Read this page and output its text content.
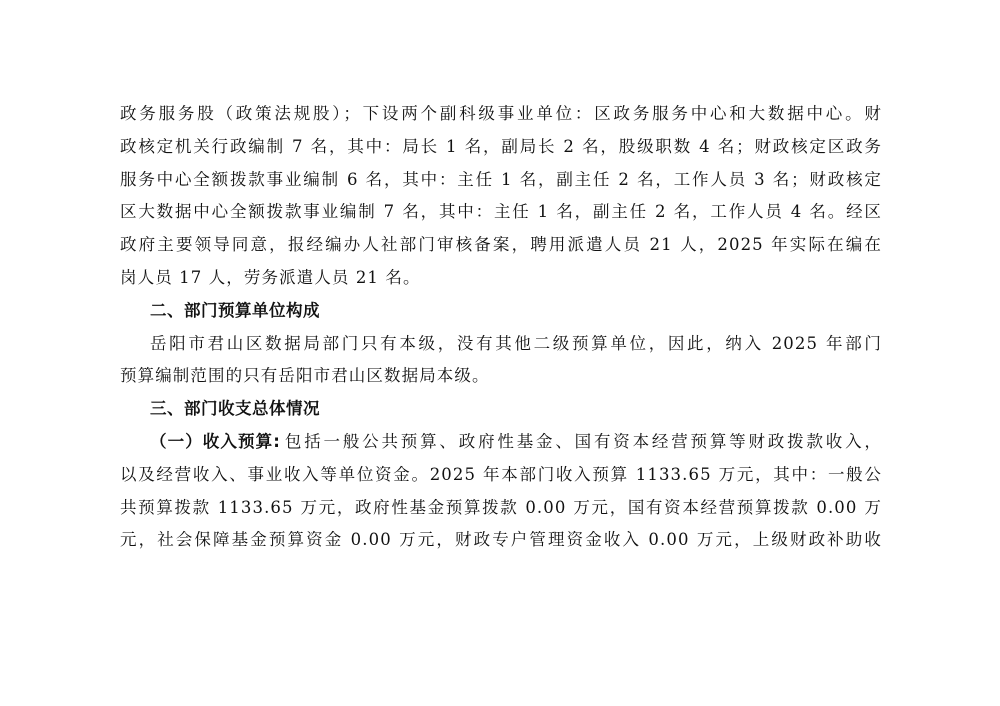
政务服务股（政策法规股）；下设两个副科级事业单位：区政务服务中心和大数据中心。财
政核定机关行政编制 7 名，其中：局长 1 名，副局长 2 名，股级职数 4 名；财政核定区政务
服务中心全额拨款事业编制 6 名，其中：主任 1 名，副主任 2 名，工作人员 3 名；财政核定
区大数据中心全额拨款事业编制 7 名，其中：主任 1 名，副主任 2 名，工作人员 4 名。经区
政府主要领导同意，报经编办人社部门审核备案，聘用派遣人员 21 人，2025 年实际在编在
岗人员 17 人，劳务派遣人员 21 名。
二、部门预算单位构成
岳阳市君山区数据局部门只有本级，没有其他二级预算单位，因此，纳入 2025 年部门
预算编制范围的只有岳阳市君山区数据局本级。
三、部门收支总体情况
（一）收入预算: 包括一般公共预算、政府性基金、国有资本经营预算等财政拨款收入，
以及经营收入、事业收入等单位资金。2025 年本部门收入预算 1133.65 万元，其中：一般公
共预算拨款 1133.65 万元，政府性基金预算拨款 0.00 万元，国有资本经营预算拨款 0.00 万
元，社会保障基金预算资金 0.00 万元，财政专户管理资金收入 0.00 万元，上级财政补助收
